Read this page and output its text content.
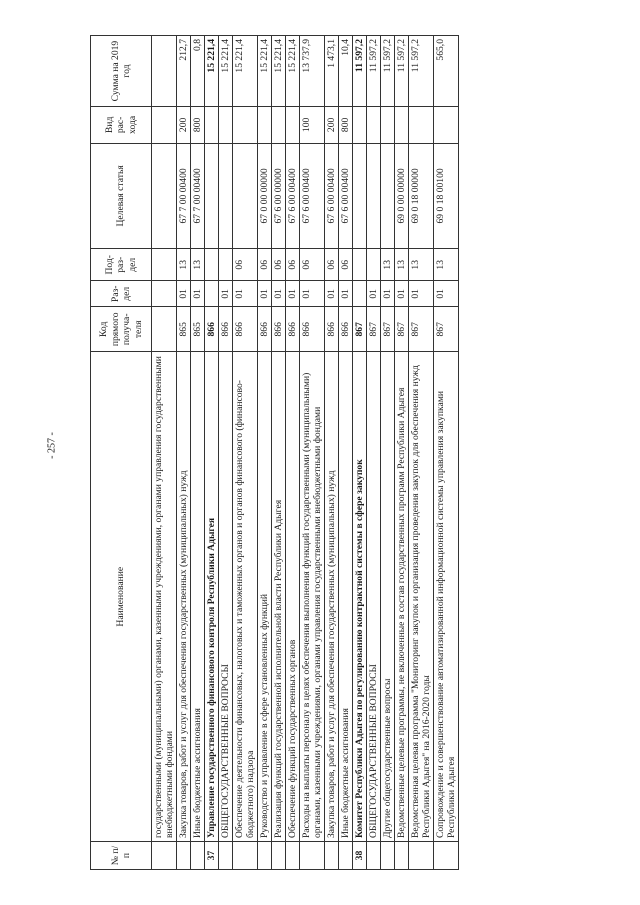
- 257 -
№ п/п	Наименование	Код прямого получа-теля	Раз-дел	Под-раз-дел	Целевая статья	Вид рас-хода	Сумма на 2019 год
	государственными (муниципальными) органами, казенными учреждениями, органами управления государственными внебюджетными фондами						
	Закупка товаров, работ и услуг для обеспечения государственных (муниципальных) нужд	865	01	13	67 7 00 00400	200	212,7
	Иные бюджетные ассигнования	865	01	13	67 7 00 00400	800	0,8
37	Управление государственного финансового контроля Республики Адыгея	866					15 221,4
	ОБЩЕГОСУДАРСТВЕННЫЕ ВОПРОСЫ	866	01				15 221,4
	Обеспечение деятельности финансовых, налоговых и таможенных органов и органов финансового (финансово-бюджетного) надзора	866	01	06			15 221,4
	Руководство и управление в сфере установленных функций	866	01	06	67 0 00 00000		15 221,4
	Реализация функций государственной исполнительной власти Республики Адыгея	866	01	06	67 6 00 00000		15 221,4
	Обеспечение функций государственных органов	866	01	06	67 6 00 00400		15 221,4
	Расходы на выплаты персоналу в целях обеспечения выполнения функций государственными (муниципальными) органами, казенными учреждениями, органами управления государственными внебюджетными фондами	866	01	06	67 6 00 00400	100	13 737,9
	Закупка товаров, работ и услуг для обеспечения государственных (муниципальных) нужд	866	01	06	67 6 00 00400	200	1 473,1
	Иные бюджетные ассигнования	866	01	06	67 6 00 00400	800	10,4
38	Комитет Республики Адыгея по регулированию контрактной системы в сфере закупок	867					11 597,2
	ОБЩЕГОСУДАРСТВЕННЫЕ ВОПРОСЫ	867	01				11 597,2
	Другие общегосударственные вопросы	867	01	13			11 597,2
	Ведомственные целевые программы, не включенные в состав государственных программ Республики Адыгея	867	01	13	69 0 00 00000		11 597,2
	Ведомственная целевая программа "Мониторинг закупок и организация проведения закупок для обеспечения нужд Республики Адыгея" на 2016-2020 годы	867	01	13	69 0 18 00000		11 597,2
	Сопровождение и совершенствование автоматизированной информационной системы управления закупками Республики Адыгея	867	01	13	69 0 18 00100		565,0
